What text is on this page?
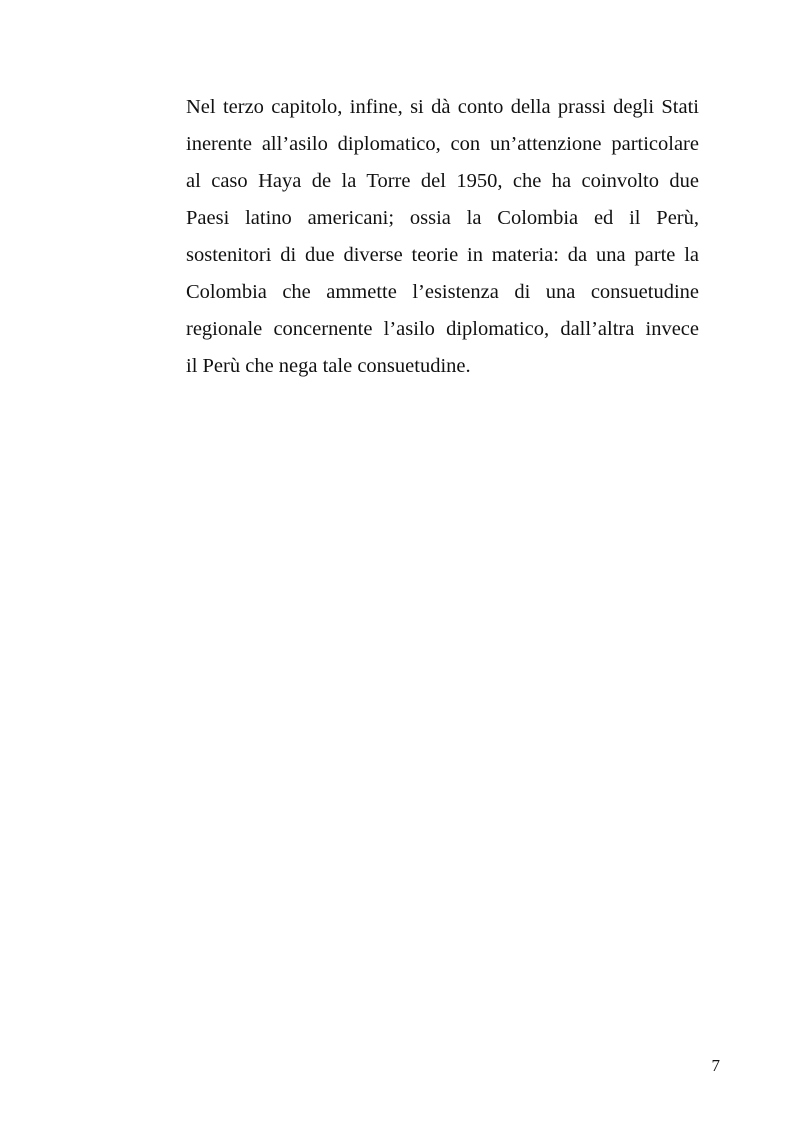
Nel terzo capitolo, infine, si dà conto della prassi degli Stati
inerente all’asilo diplomatico, con un’attenzione particolare
al caso Haya de la Torre del 1950, che ha coinvolto due
Paesi latino americani; ossia la Colombia ed il Perù,
sostenitori di due diverse teorie in materia: da una parte la
Colombia che ammette l’esistenza di una consuetudine
regionale concernente l’asilo diplomatico, dall’altra invece
il Perù che nega tale consuetudine.
7
